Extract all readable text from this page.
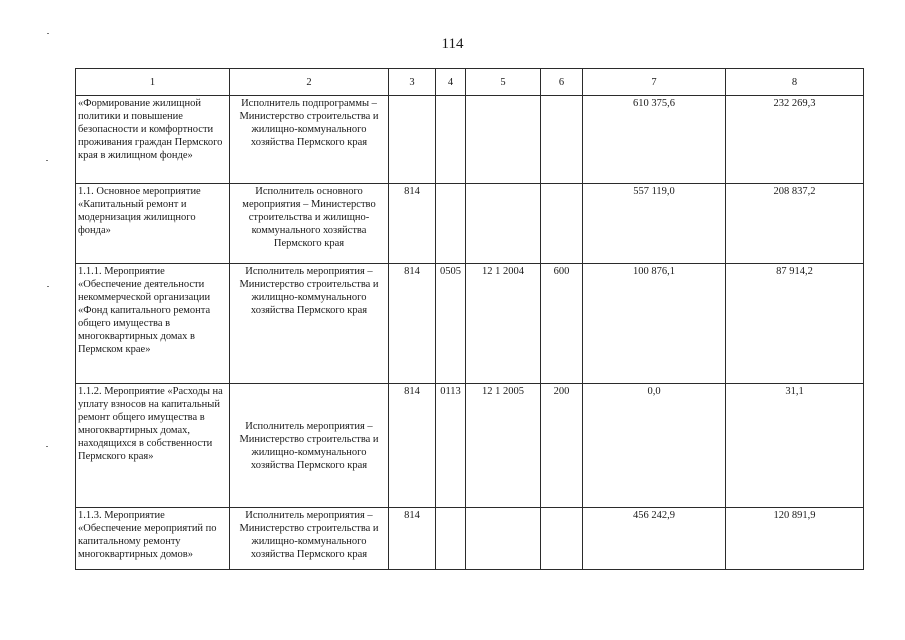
114
1	2	3	4	5	6	7	8
«Формирование жилищной политики и повышение безопасности и комфортности проживания граждан Пермского края в жилищном фонде»	Исполнитель подпрограммы – Министерство строительства и жилищно-коммунального хозяйства Пермского края					610 375,6	232 269,3
1.1. Основное мероприятие «Капитальный ремонт и модернизация жилищного фонда»	Исполнитель основного мероприятия – Министерство строительства и жилищно-коммунального хозяйства Пермского края	814				557 119,0	208 837,2
1.1.1. Мероприятие «Обеспечение деятельности некоммерческой организации «Фонд капитального ремонта общего имущества в многоквартирных домах в Пермском крае»	Исполнитель мероприятия – Министерство строительства и жилищно-коммунального хозяйства Пермского края	814	0505	12 1 2004	600	100 876,1	87 914,2
1.1.2. Мероприятие «Расходы на уплату взносов на капитальный ремонт общего имущества в многоквартирных домах, находящихся в собственности Пермского края»	Исполнитель мероприятия – Министерство строительства и жилищно-коммунального хозяйства Пермского края	814	0113	12 1 2005	200	0,0	31,1
1.1.3. Мероприятие «Обеспечение мероприятий по капитальному ремонту многоквартирных домов»	Исполнитель мероприятия – Министерство строительства и жилищно-коммунального хозяйства Пермского края	814				456 242,9	120 891,9
